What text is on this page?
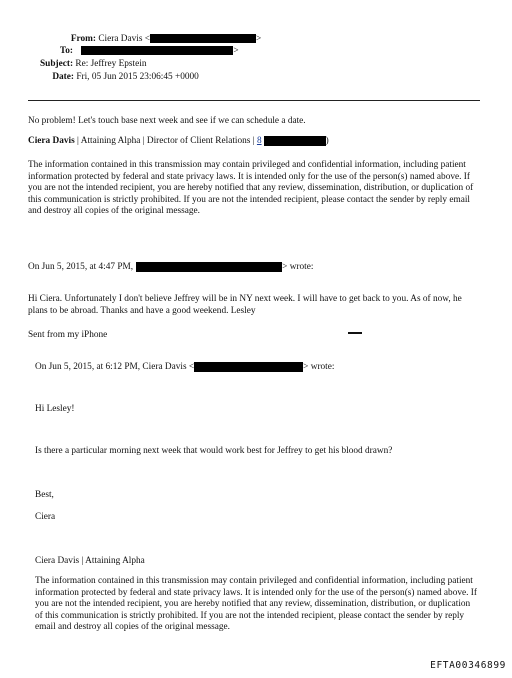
From: Ciera Davis <	>
To:	>
Subject: Re: Jeffrey Epstein
Date: Fri, 05 Jun 2015 23:06:45 +0000
No problem! Let's touch base next week and see if we can schedule a date.
Ciera Davis | Attaining Alpha | Director of Client Relations | 8	)
The information contained in this transmission may contain privileged and confidential information, including patient information protected by federal and state privacy laws. It is intended only for the use of the person(s) named above. If you are not the intended recipient, you are hereby notified that any review, dissemination, distribution, or duplication of this communication is strictly prohibited. If you are not the intended recipient, please contact the sender by reply email and destroy all copies of the original message.
On Jun 5, 2015, at 4:47 PM,	> wrote:
Hi Ciera. Unfortunately I don't believe Jeffrey will be in NY next week. I will have to get back to you. As of now, he plans to be abroad. Thanks and have a good weekend. Lesley
Sent from my iPhone
On Jun 5, 2015, at 6:12 PM, Ciera Davis <	> wrote:
Hi Lesley!
Is there a particular morning next week that would work best for Jeffrey to get his blood drawn?
Best,
Ciera
Ciera Davis | Attaining Alpha
The information contained in this transmission may contain privileged and confidential information, including patient information protected by federal and state privacy laws. It is intended only for the use of the person(s) named above. If you are not the intended recipient, you are hereby notified that any review, dissemination, distribution, or duplication of this communication is strictly prohibited. If you are not the intended recipient, please contact the sender by reply email and destroy all copies of the original message.
EFTA00346899
